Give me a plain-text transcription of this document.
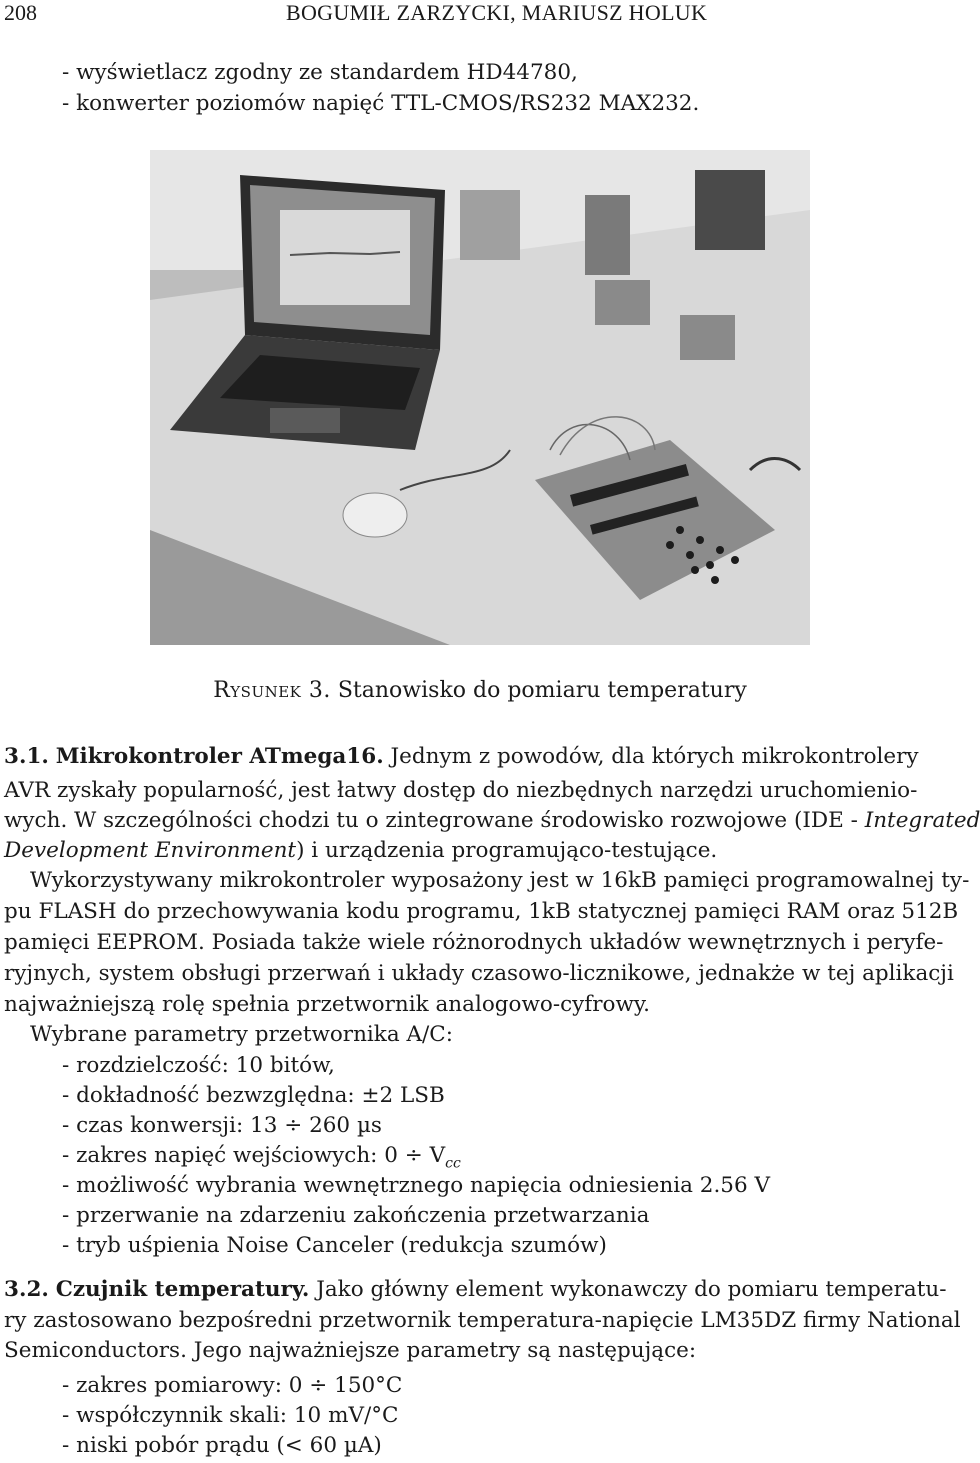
208	BOGUMIŁ ZARZYCKI, MARIUSZ HOLUK
- wyświetlacz zgodny ze standardem HD44780,
- konwerter poziomów napięć TTL-CMOS/RS232 MAX232.
Rysunek 3. Stanowisko do pomiaru temperatury
3.1. Mikrokontroler ATmega16. Jednym z powodów, dla których mikrokontrolery
AVR zyskały popularność, jest łatwy dostęp do niezbędnych narzędzi uruchomienio-
wych. W szczególności chodzi tu o zintegrowane środowisko rozwojowe (IDE - Integrated
Development Environment) i urządzenia programująco-testujące.
Wykorzystywany mikrokontroler wyposażony jest w 16kB pamięci programowalnej ty-
pu FLASH do przechowywania kodu programu, 1kB statycznej pamięci RAM oraz 512B
pamięci EEPROM. Posiada także wiele różnorodnych układów wewnętrznych i peryfe-
ryjnych, system obsługi przerwań i układy czasowo-licznikowe, jednakże w tej aplikacji
najważniejszą rolę spełnia przetwornik analogowo-cyfrowy.
Wybrane parametry przetwornika A/C:
- rozdzielczość: 10 bitów,
- dokładność bezwzględna: ±2 LSB
- czas konwersji: 13 ÷ 260 µs
- zakres napięć wejściowych: $0 \div V_{cc}$
- możliwość wybrania wewnętrznego napięcia odniesienia 2.56 V
- przerwanie na zdarzeniu zakończenia przetwarzania
- tryb uśpienia Noise Canceler (redukcja szumów)
3.2. Czujnik temperatury. Jako główny element wykonawczy do pomiaru temperatu-
ry zastosowano bezpośredni przetwornik temperatura-napięcie LM35DZ firmy National
Semiconductors. Jego najważniejsze parametry są następujące:
- zakres pomiarowy: 0 ÷ 150°C
- współczynnik skali: 10 mV/°C
- niski pobór prądu (< 60 µA)
